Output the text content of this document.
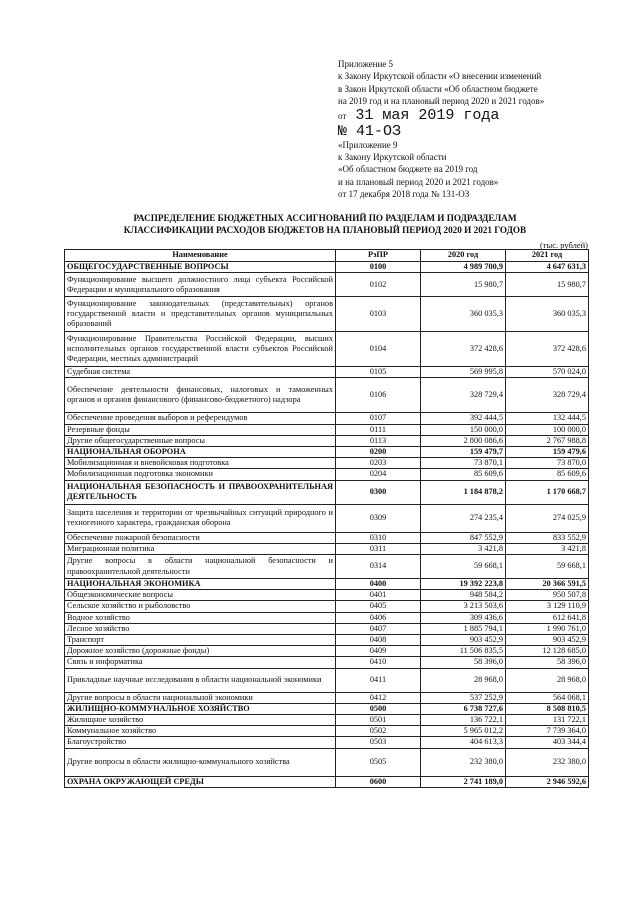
Приложение 5
к Закону Иркутской области «О внесении изменений
в Закон Иркутской области «Об областном бюджете
на 2019 год и на плановый период 2020 и 2021 годов»
от 31 мая 2019 года
№ 41-ОЗ
«Приложение 9
к Закону Иркутской области
«Об областном бюджете на 2019 год
и на плановый период 2020 и 2021 годов»
от 17 декабря 2018 года № 131-ОЗ
РАСПРЕДЕЛЕНИЕ БЮДЖЕТНЫХ АССИГНОВАНИЙ ПО РАЗДЕЛАМ И ПОДРАЗДЕЛАМ
КЛАССИФИКАЦИИ РАСХОДОВ БЮДЖЕТОВ НА ПЛАНОВЫЙ ПЕРИОД 2020 И 2021 ГОДОВ
(тыс. рублей)
Наименование	РзПР	2020 год	2021 год
ОБЩЕГОСУДАРСТВЕННЫЕ ВОПРОСЫ	0100	4 989 700,9	4 647 631,3
Функционирование высшего должностного лица субъекта Российской Федерации и муниципального образования	0102	15 980,7	15 980,7
Функционирование законодательных (представительных) органов государственной власти и представительных органов муниципальных образований	0103	360 035,3	360 035,3
Функционирование Правительства Российской Федерации, высших исполнительных органов государственной власти субъектов Российской Федерации, местных администраций	0104	372 428,6	372 428,6
Судебная система	0105	569 995,8	570 024,0
Обеспечение деятельности финансовых, налоговых и таможенных органов и органов финансового (финансово-бюджетного) надзора	0106	328 729,4	328 729,4
Обеспечение проведения выборов и референдумов	0107	392 444,5	132 444,5
Резервные фонды	0111	150 000,0	100 000,0
Другие общегосударственные вопросы	0113	2 800 086,6	2 767 988,8
НАЦИОНАЛЬНАЯ ОБОРОНА	0200	159 479,7	159 479,6
Мобилизационная и вневойсковая подготовка	0203	73 870,1	73 870,0
Мобилизационная подготовка экономики	0204	85 609,6	85 609,6
НАЦИОНАЛЬНАЯ БЕЗОПАСНОСТЬ И ПРАВООХРАНИТЕЛЬНАЯ ДЕЯТЕЛЬНОСТЬ	0300	1 184 878,2	1 170 668,7
Защита населения и территории от чрезвычайных ситуаций природного и техногенного характера, гражданская оборона	0309	274 235,4	274 025,9
Обеспечение пожарной безопасности	0310	847 552,9	833 552,9
Миграционная политика	0311	3 421,8	3 421,8
Другие вопросы в области национальной безопасности и правоохранительной деятельности	0314	59 668,1	59 668,1
НАЦИОНАЛЬНАЯ ЭКОНОМИКА	0400	19 392 223,8	20 366 591,5
Общеэкономические вопросы	0401	948 584,2	950 507,8
Сельское хозяйство и рыболовство	0405	3 213 503,6	3 129 110,9
Водное хозяйство	0406	309 436,6	612 641,8
Лесное хозяйство	0407	1 885 794,1	1 990 761,0
Транспорт	0408	903 452,9	903 452,9
Дорожное хозяйство (дорожные фонды)	0409	11 506 835,5	12 128 685,0
Связь и информатика	0410	58 396,0	58 396,0
Прикладные научные исследования в области национальной экономики	0411	28 968,0	28 968,0
Другие вопросы в области национальной экономики	0412	537 252,9	564 068,1
ЖИЛИЩНО-КОММУНАЛЬНОЕ ХОЗЯЙСТВО	0500	6 738 727,6	8 508 810,5
Жилищное хозяйство	0501	136 722,1	131 722,1
Коммунальное хозяйство	0502	5 965 012,2	7 739 364,0
Благоустройство	0503	404 613,3	403 344,4
Другие вопросы в области жилищно-коммунального хозяйства	0505	232 380,0	232 380,0
ОХРАНА ОКРУЖАЮЩЕЙ СРЕДЫ	0600	2 741 189,0	2 946 592,6
